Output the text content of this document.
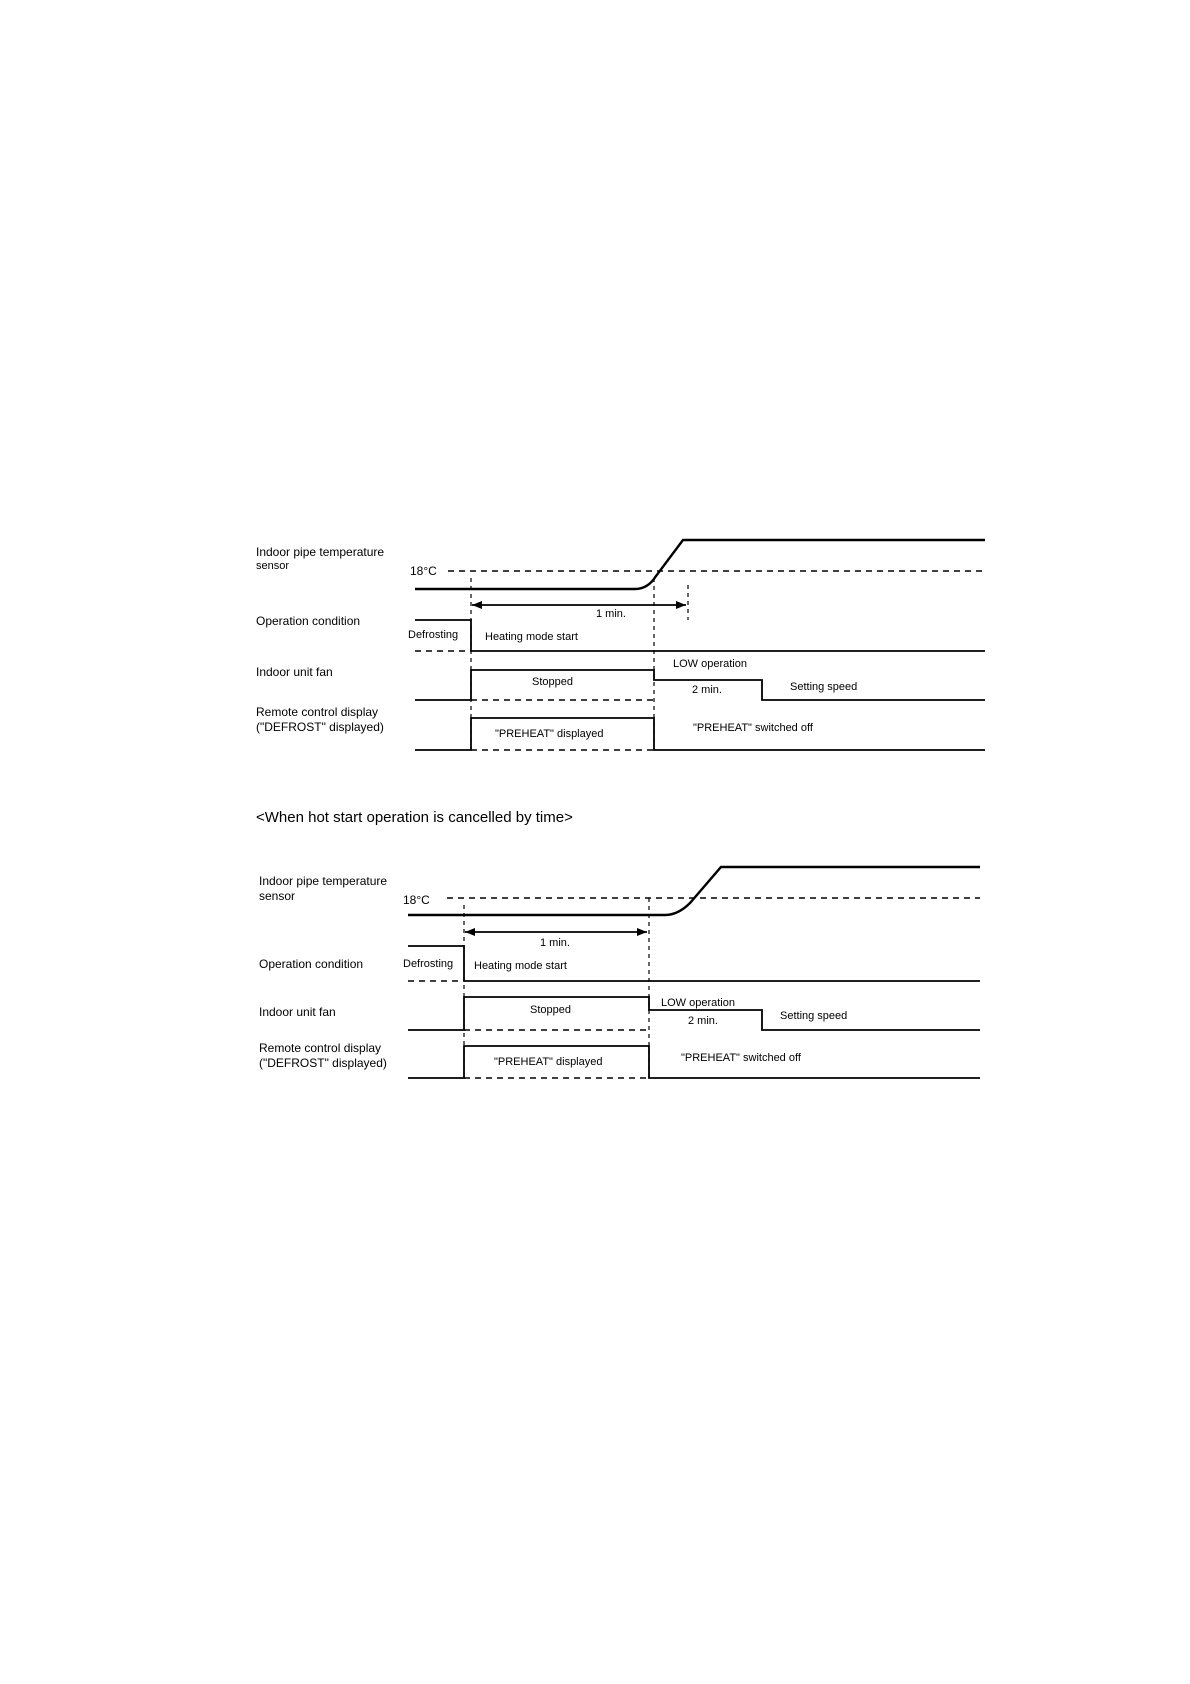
Indoor pipe temperature
sensor
Operation condition
Indoor unit fan
Remote control display
("DEFROST" displayed)
18°C
1 min.
Defrosting Heating mode start
Stopped
LOW operation
2 min.	Setting speed
"PREHEAT" displayed	"PREHEAT" switched off
<When hot start operation is cancelled by time>
Indoor pipe temperature
sensor
Operation condition
Indoor unit fan
Remote control display
("DEFROST" displayed)
18°C
1 min.
Defrosting Heating mode start
Stopped
LOW operation
2 min.	Setting speed
"PREHEAT" displayed	"PREHEAT" switched off
